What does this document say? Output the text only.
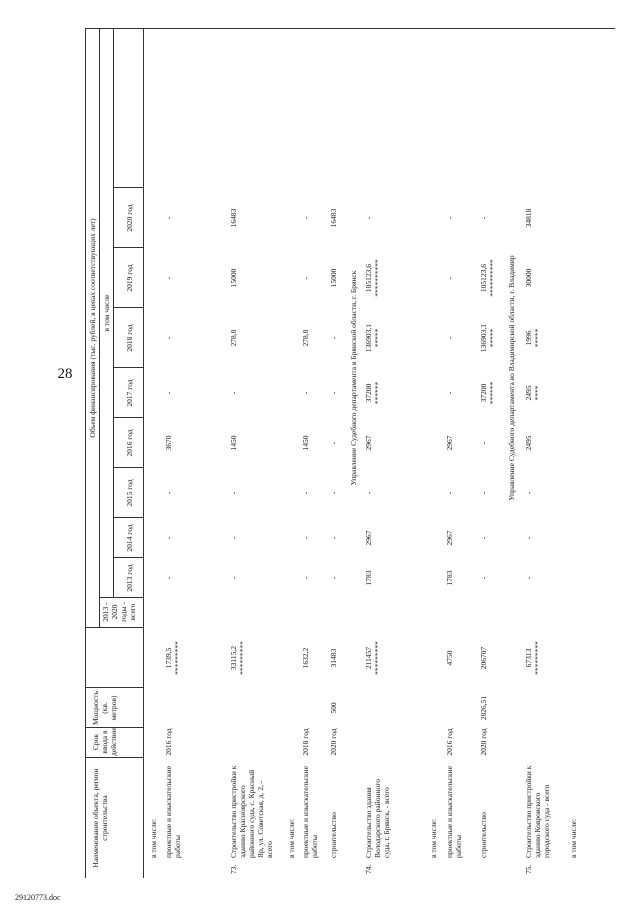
28
Наименование объекта, регион строительства
Срок ввода в действие
Мощность (кв. метров)
Объем финансирования (тыс. рублей, в ценах соответствующих лет)
2013 - 2020 годы - всего
в том числе
2013 год
2014 год
2015 год
2016 год
2017 год
2018 год
2019 год
2020 год
в том числе: проектные и изыскательские работы
2016 год
1739,5 *********
-
-
-
3670
-
-
-
-
73.
Строительство пристройки к зданию Красноярского районного суда, с. Красный Яр, ул. Советская, д. 2, - всего
33115,2 *********
-
-
-
1450
-
278,8
15000
16483
в том числе: проектные и изыскательские работы
2018 год
1632,2
-
-
-
1450
-
278,8
-
-
строительство
2020 год
500
31483
-
-
-
-
-
-
15000
16483
Управление Судебного департамента в Брянской области, г. Брянск
74.
Строительство здания Володарского районного суда, г. Брянск, - всего
211457 *********
1783
2967
-
2967
37200 ******
136903,1 *****
105123,6 **********
-
в том числе: проектные и изыскательские работы
2016 год
4750
1783
2967
-
2967
-
-
-
-
строительство
2020 год
2826,51
206707
-
-
-
-
37200 ******
136903,1 *****
105123,6 **********
-
Управление Судебного департамента во Владимирской области, г. Владимир
75.
Строительство пристройки к зданию Ковровского городского суда - всего
67313 *********
-
-
-
2495
2495 ****
1996 *****
30000
34818
в том числе:
29120773.doc
